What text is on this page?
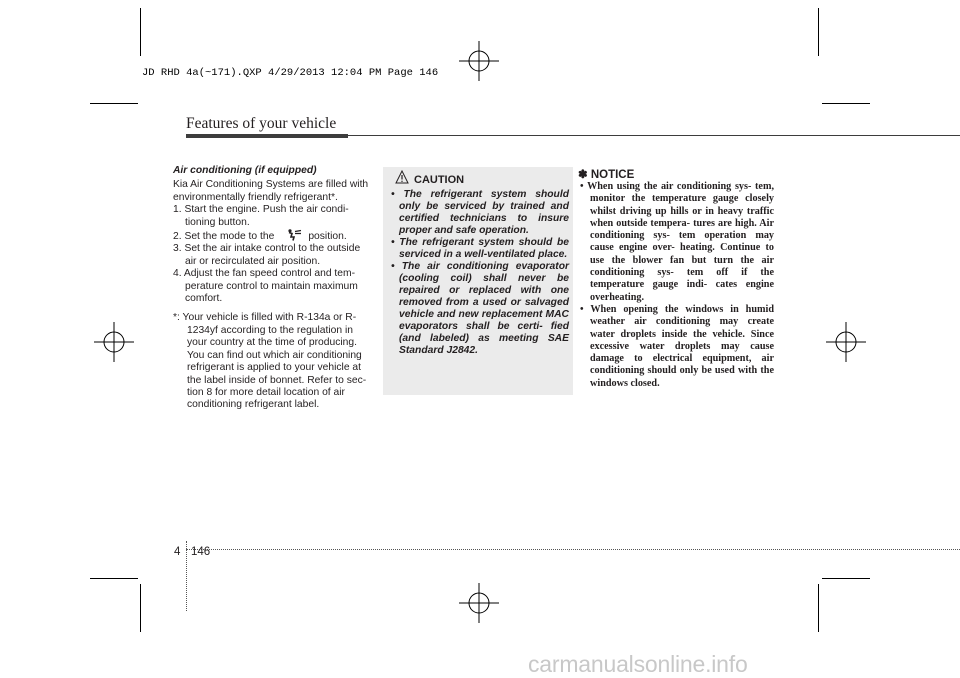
JD RHD 4a(~171).QXP 4/29/2013 12:04 PM Page 146
Features of your vehicle

Air conditioning (if equipped)

Kia Air Conditioning Systems are filled with environmentally friendly refrigerant*.

1. Start the engine. Push the air condi- tioning button.

2. Set the mode to the	position.

3. Set the air intake control to the outside air or recirculated air position.

4. Adjust the fan speed control and tem- perature control to maintain maximum comfort.

*: Your vehicle is filled with R-134a or R- 1234yf according to the regulation in your country at the time of producing. You can find out which air conditioning refrigerant is applied to your vehicle at the label inside of bonnet. Refer to sec- tion 8 for more detail location of air conditioning refrigerant label.

CAUTION
• The refrigerant system should only be serviced by trained and certified technicians to insure proper and safe operation.
• The refrigerant system should be serviced in a well-ventilated place.
• The air conditioning evaporator (cooling coil) shall never be repaired or replaced with one removed from a used or salvaged vehicle and new replacement MAC evaporators shall be certi- fied (and labeled) as meeting SAE Standard J2842.
✽ NOTICE
• When using the air conditioning sys- tem, monitor the temperature gauge closely whilst driving up hills or in heavy traffic when outside tempera- tures are high. Air conditioning sys- tem operation may cause engine over- heating. Continue to use the blower fan but turn the air conditioning sys- tem off if the temperature gauge indi- cates engine overheating.
• When opening the windows in humid weather air conditioning may create water droplets inside the vehicle. Since excessive water droplets may cause damage to electrical equipment, air conditioning should only be used with the windows closed.
4 146
carmanualsonline.info
